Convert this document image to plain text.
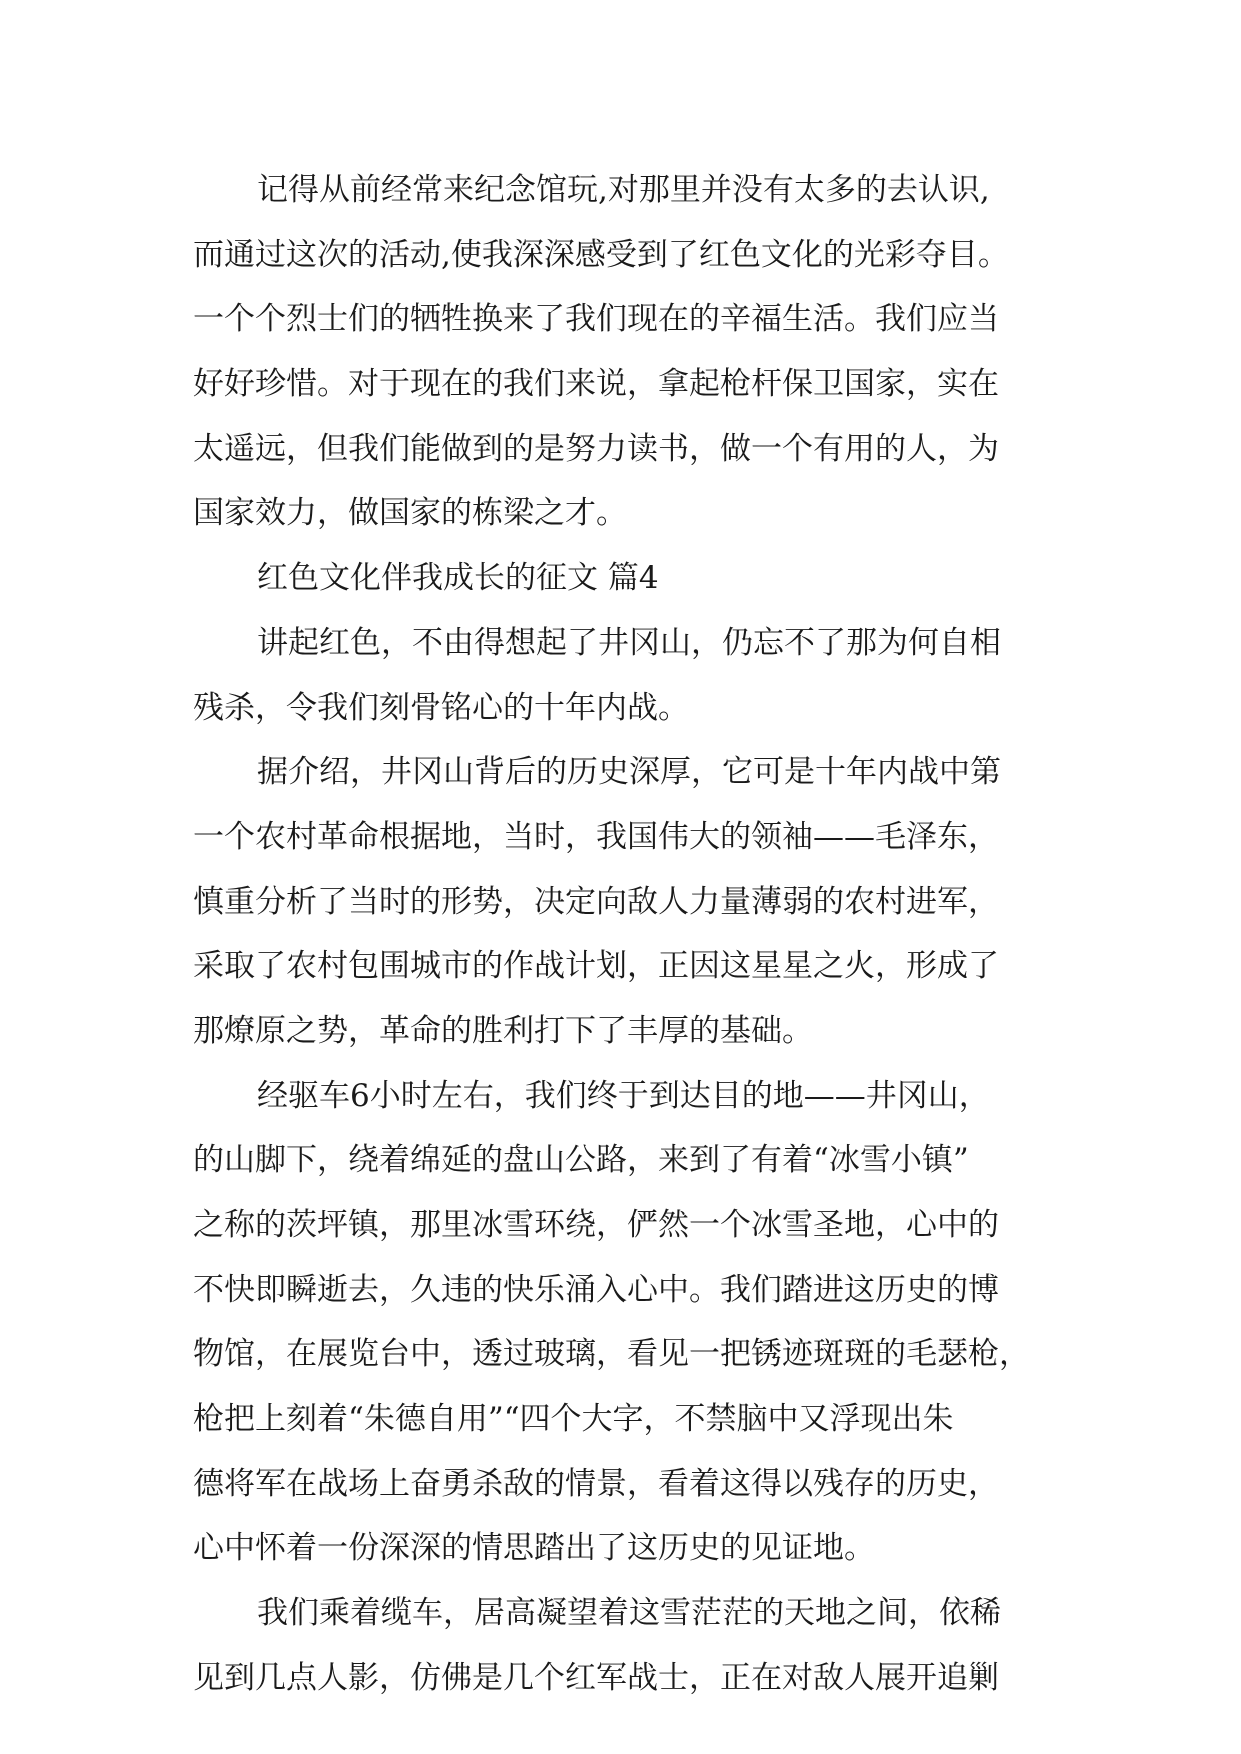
记得从前经常来纪念馆玩,对那里并没有太多的去认识,
而通过这次的活动,使我深深感受到了红色文化的光彩夺目。
一个个烈士们的牺牲换来了我们现在的辛福生活。我们应当
好好珍惜。对于现在的我们来说，拿起枪杆保卫国家，实在
太遥远，但我们能做到的是努力读书，做一个有用的人，为
国家效力，做国家的栋梁之才。
红色文化伴我成长的征文 篇4
讲起红色，不由得想起了井冈山，仍忘不了那为何自相
残杀，令我们刻骨铭心的十年内战。
据介绍，井冈山背后的历史深厚，它可是十年内战中第
一个农村革命根据地，当时，我国伟大的领袖——毛泽东，
慎重分析了当时的形势，决定向敌人力量薄弱的农村进军，
采取了农村包围城市的作战计划，正因这星星之火，形成了
那燎原之势，革命的胜利打下了丰厚的基础。
经驱车6小时左右，我们终于到达目的地——井冈山，
的山脚下，绕着绵延的盘山公路，来到了有着“冰雪小镇”
之称的茨坪镇，那里冰雪环绕，俨然一个冰雪圣地，心中的
不快即瞬逝去，久违的快乐涌入心中。我们踏进这历史的博
物馆，在展览台中，透过玻璃，看见一把锈迹斑斑的毛瑟枪，
枪把上刻着“朱德自用”“四个大字，不禁脑中又浮现出朱
德将军在战场上奋勇杀敌的情景，看着这得以残存的历史，
心中怀着一份深深的情思踏出了这历史的见证地。
我们乘着缆车，居高凝望着这雪茫茫的天地之间，依稀
见到几点人影，仿佛是几个红军战士，正在对敌人展开追剿
